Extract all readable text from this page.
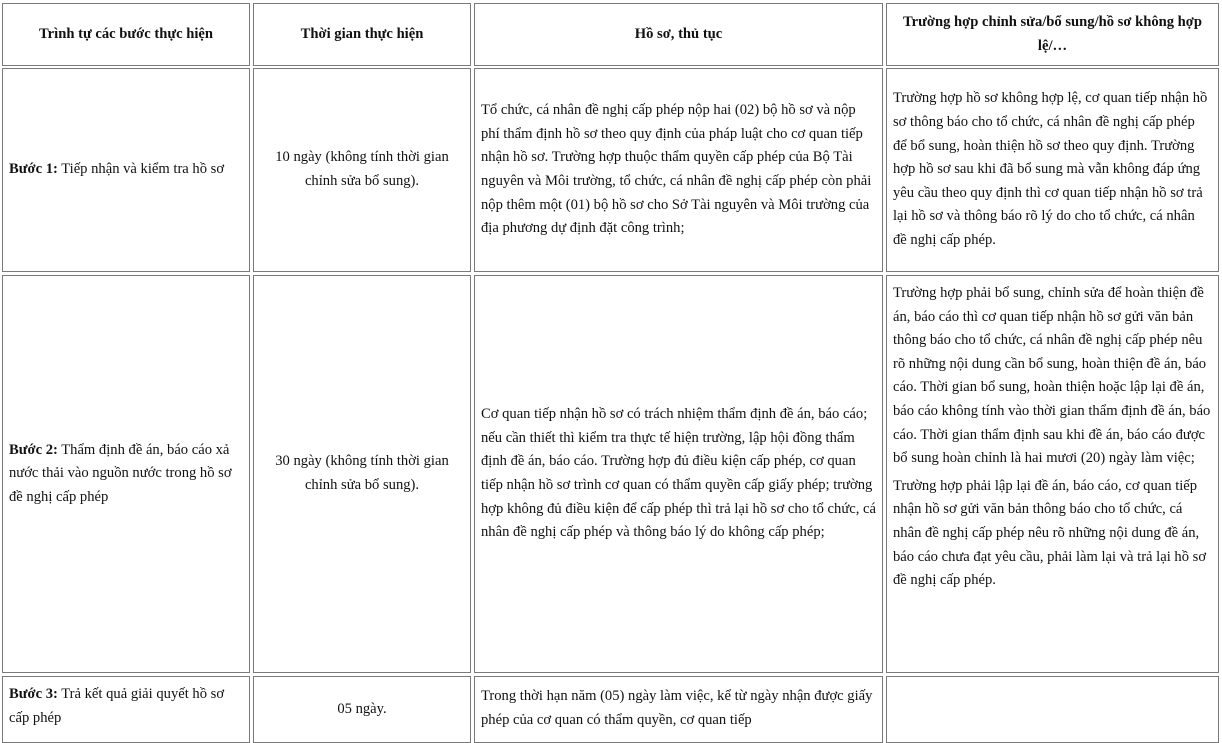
Trình tự các bước thực hiện	Thời gian thực hiện	Hồ sơ, thủ tục
Trường hợp chỉnh sửa/bổ sung/hồ sơ không hợp lệ/…
Bước 1: Tiếp nhận và kiểm tra hồ sơ
10 ngày (không tính thời gian chỉnh sửa bổ sung).
Tổ chức, cá nhân đề nghị cấp phép nộp hai (02) bộ hồ sơ và nộp phí thẩm định hồ sơ theo quy định của pháp luật cho cơ quan tiếp nhận hồ sơ. Trường hợp thuộc thẩm quyền cấp phép của Bộ Tài nguyên và Môi trường, tổ chức, cá nhân đề nghị cấp phép còn phải nộp thêm một (01) bộ hồ sơ cho Sở Tài nguyên và Môi trường của địa phương dự định đặt công trình;
Trường hợp hồ sơ không hợp lệ, cơ quan tiếp nhận hồ sơ thông báo cho tổ chức, cá nhân đề nghị cấp phép để bổ sung, hoàn thiện hồ sơ theo quy định. Trường hợp hồ sơ sau khi đã bổ sung mà vẫn không đáp ứng yêu cầu theo quy định thì cơ quan tiếp nhận hồ sơ trả lại hồ sơ và thông báo rõ lý do cho tổ chức, cá nhân đề nghị cấp phép.
Bước 2: Thẩm định đề án, báo cáo xả nước thải vào nguồn nước trong hồ sơ đề nghị cấp phép
30 ngày (không tính thời gian chỉnh sửa bổ sung).
Cơ quan tiếp nhận hồ sơ có trách nhiệm thẩm định đề án, báo cáo; nếu cần thiết thì kiểm tra thực tế hiện trường, lập hội đồng thẩm định đề án, báo cáo. Trường hợp đủ điều kiện cấp phép, cơ quan tiếp nhận hồ sơ trình cơ quan có thẩm quyền cấp giấy phép; trường hợp không đủ điều kiện để cấp phép thì trả lại hồ sơ cho tổ chức, cá nhân đề nghị cấp phép và thông báo lý do không cấp phép;

Trường hợp phải bổ sung, chỉnh sửa để hoàn thiện đề án, báo cáo thì cơ quan tiếp nhận hồ sơ gửi văn bản thông báo cho tổ chức, cá nhân đề nghị cấp phép nêu rõ những nội dung cần bổ sung, hoàn thiện đề án, báo cáo. Thời gian bổ sung, hoàn thiện hoặc lập lại đề án, báo cáo không tính vào thời gian thẩm định đề án, báo cáo. Thời gian thẩm định sau khi đề án, báo cáo được bổ sung hoàn chỉnh là hai mươi (20) ngày làm việc;

Trường hợp phải lập lại đề án, báo cáo, cơ quan tiếp nhận hồ sơ gửi văn bản thông báo cho tổ chức, cá nhân đề nghị cấp phép nêu rõ những nội dung đề án, báo cáo chưa đạt yêu cầu, phải làm lại và trả lại hồ sơ đề nghị cấp phép.

Bước 3: Trả kết quả giải quyết hồ sơ cấp phép
05 ngày.
Trong thời hạn năm (05) ngày làm việc, kể từ ngày nhận được giấy phép của cơ quan có thẩm quyền, cơ quan tiếp
